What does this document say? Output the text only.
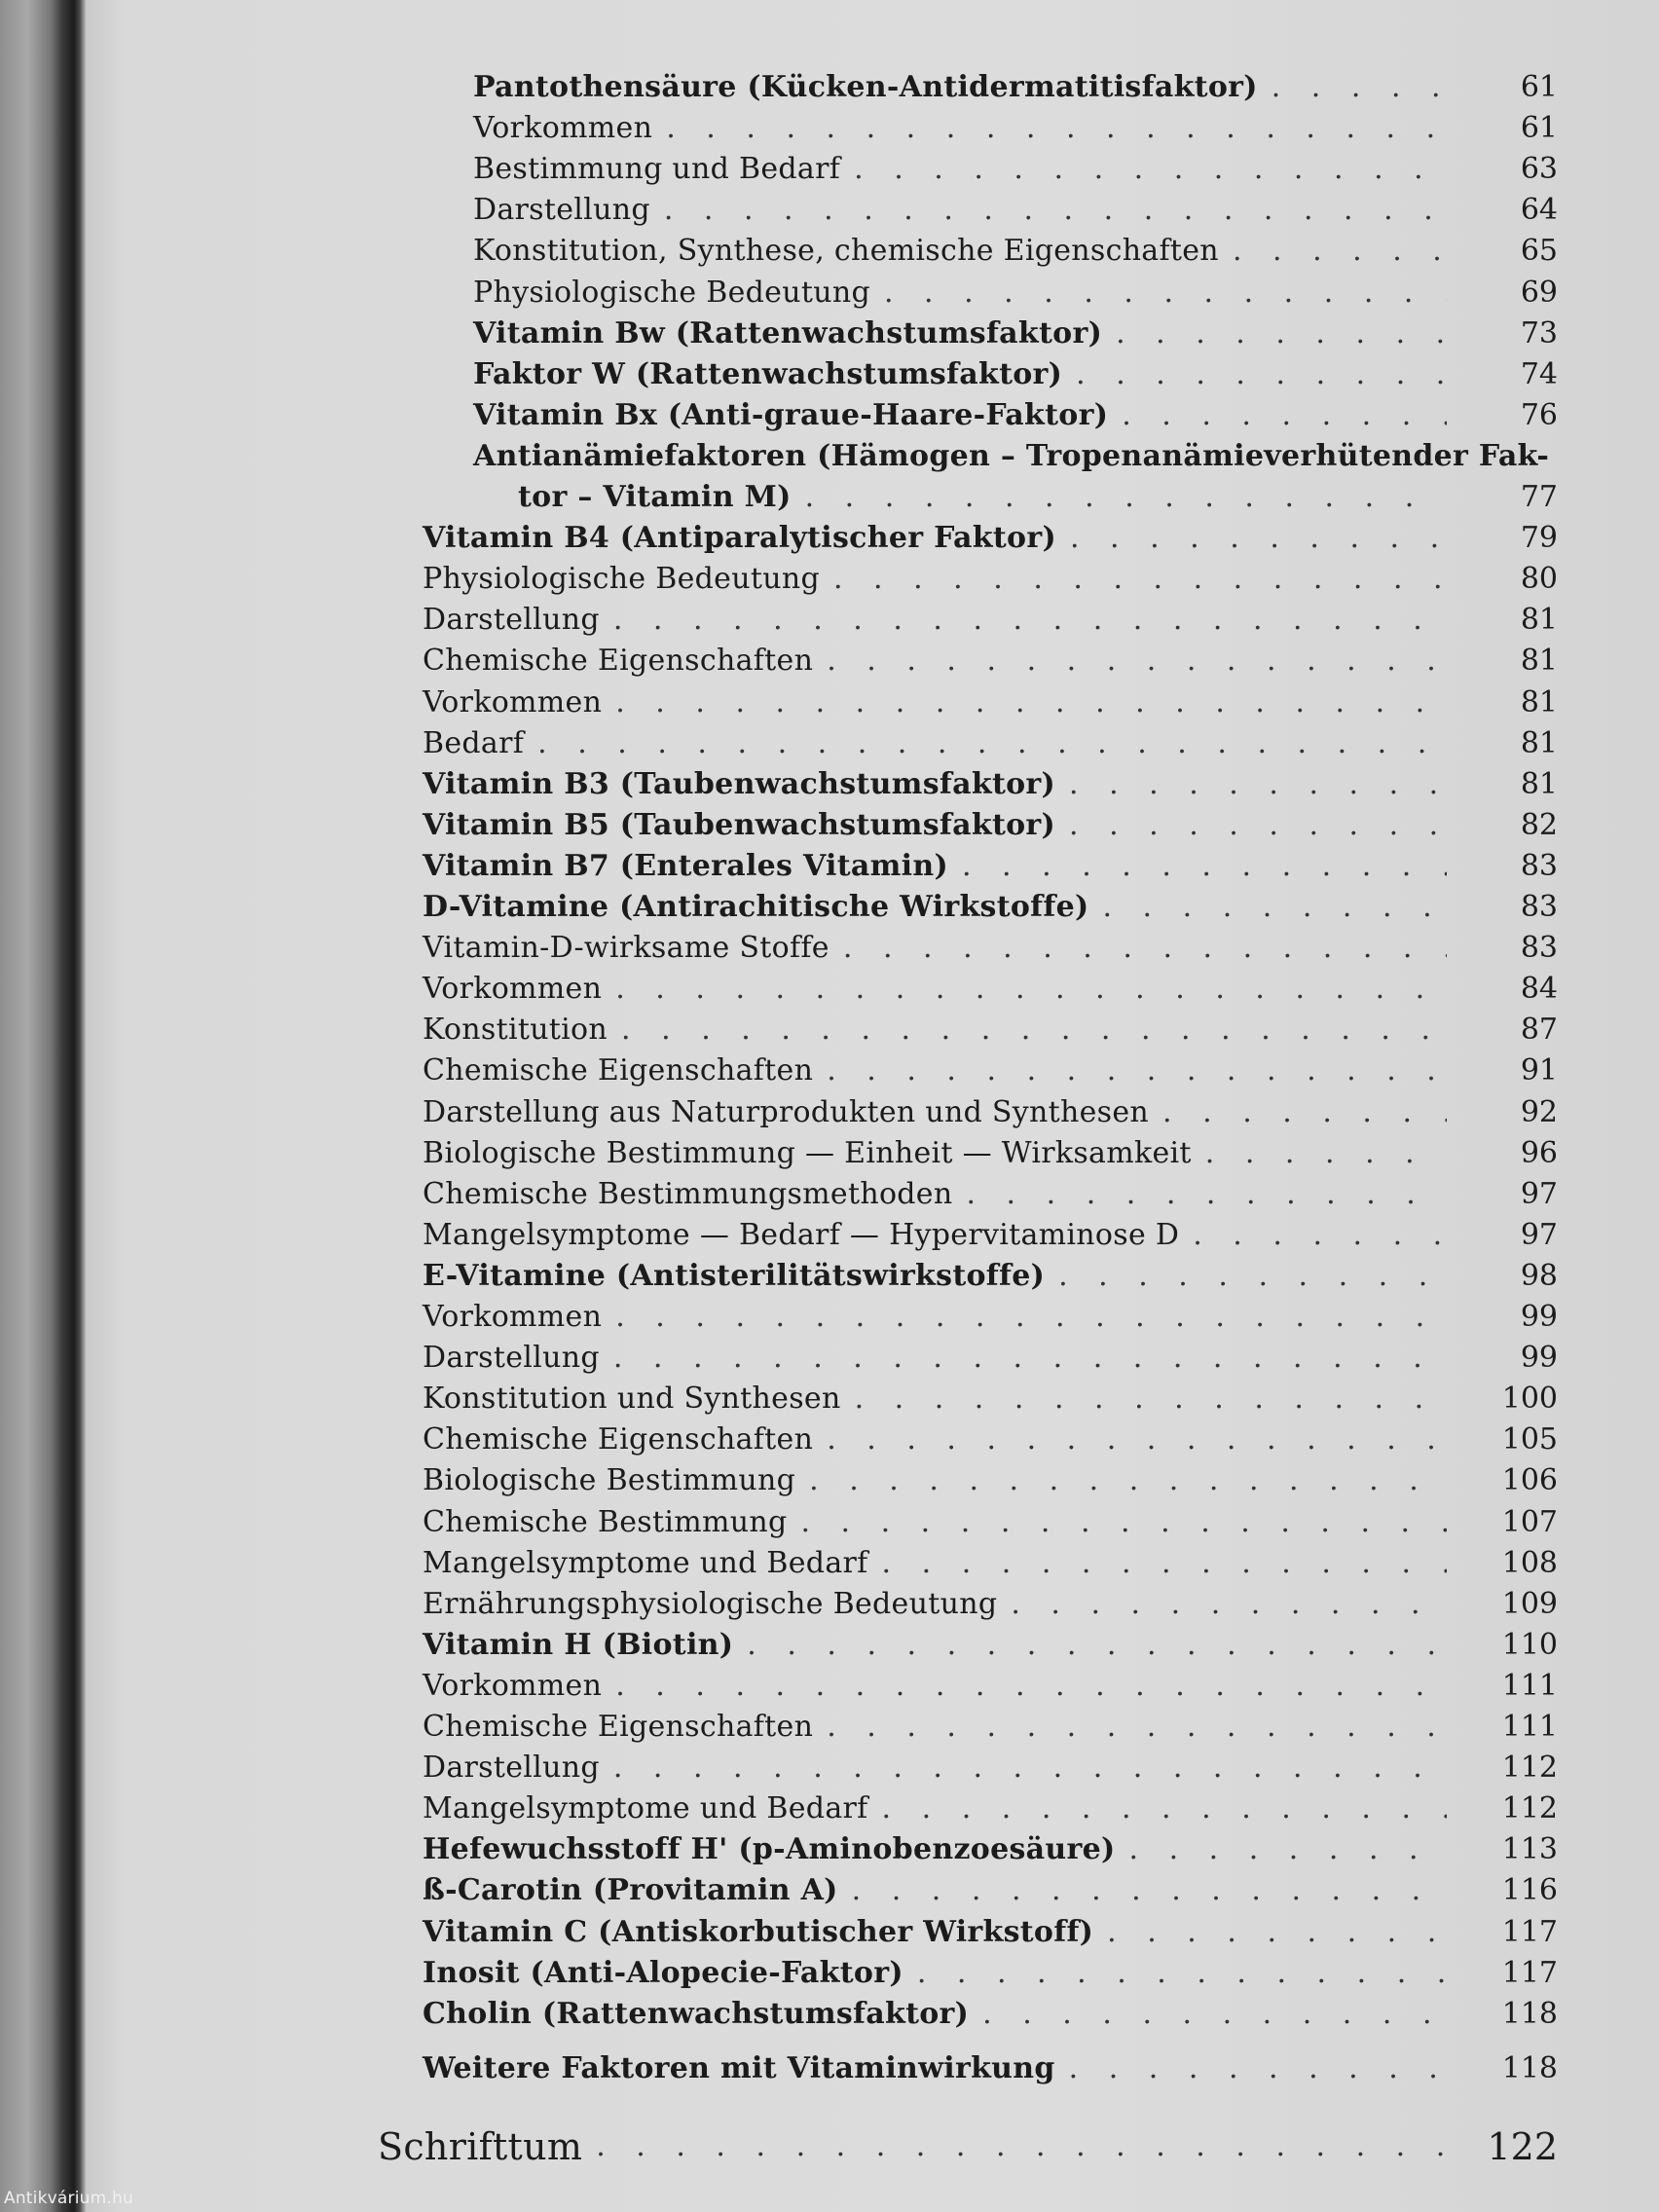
Pantothensäure (Kücken-Antidermatitisfaktor) . . .	61
Vorkommen . . .	61
Bestimmung und Bedarf . . .	63
Darstellung . . .	64
Konstitution, Synthese, chemische Eigenschaften . . .	65
Physiologische Bedeutung . . .	69
Vitamin Bw (Rattenwachstumsfaktor) . . .	73
Faktor W (Rattenwachstumsfaktor) . . .	74
Vitamin Bx (Anti-graue-Haare-Faktor) . . .	76
Antianämiefaktoren (Hämogen – Tropenanämieverhütender Fak-
tor – Vitamin M) . . .	77
Vitamin B4 (Antiparalytischer Faktor) . . .	79
Physiologische Bedeutung . . .	80
Darstellung . . .	81
Chemische Eigenschaften . . .	81
Vorkommen . . .	81
Bedarf . . .	81
Vitamin B3 (Taubenwachstumsfaktor) . . .	81
Vitamin B5 (Taubenwachstumsfaktor) . . .	82
Vitamin B7 (Enterales Vitamin) . . .	83
D-Vitamine (Antirachitische Wirkstoffe) . . .	83
Vitamin-D-wirksame Stoffe . . .	83
Vorkommen . . .	84
Konstitution . . .	87
Chemische Eigenschaften . . .	91
Darstellung aus Naturprodukten und Synthesen . . .	92
Biologische Bestimmung — Einheit — Wirksamkeit . . .	96
Chemische Bestimmungsmethoden . . .	97
Mangelsymptome — Bedarf — Hypervitaminose D . . .	97
E-Vitamine (Antisterilitätswirkstoffe) . . .	98
Vorkommen . . .	99
Darstellung . . .	99
Konstitution und Synthesen . . .	100
Chemische Eigenschaften . . .	105
Biologische Bestimmung . . .	106
Chemische Bestimmung . . .	107
Mangelsymptome und Bedarf . . .	108
Ernährungsphysiologische Bedeutung . . .	109
Vitamin H (Biotin) . . .	110
Vorkommen . . .	111
Chemische Eigenschaften . . .	111
Darstellung . . .	112
Mangelsymptome und Bedarf . . .	112
Hefewuchsstoff H' (p-Aminobenzoesäure) . . .	113
ß-Carotin (Provitamin A) . . .	116
Vitamin C (Antiskorbutischer Wirkstoff) . . .	117
Inosit (Anti-Alopecie-Faktor) . . .	117
Cholin (Rattenwachstumsfaktor) . . .	118
Weitere Faktoren mit Vitaminwirkung . . .	118
Schrifttum . . .	122
Antikvárium.hu
